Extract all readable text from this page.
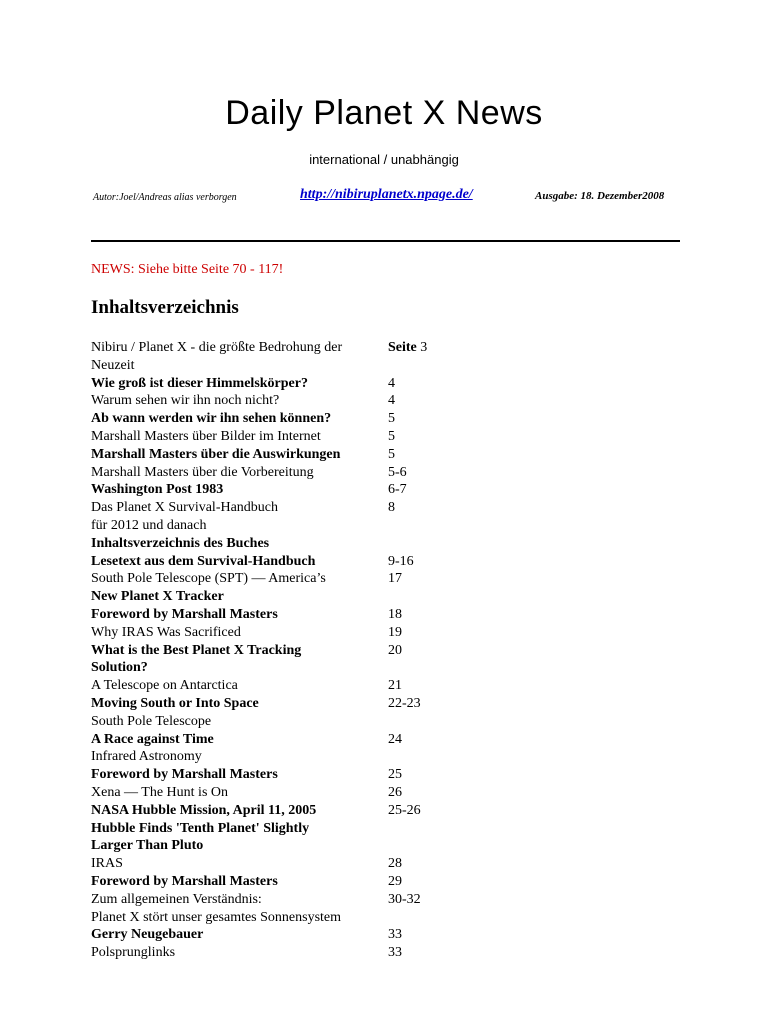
Daily Planet X News
international / unabhängig
Autor:Joel/Andreas alias verborgen	http://nibiruplanetx.npage.de/	Ausgabe: 18. Dezember2008
NEWS: Siehe bitte Seite 70 - 117!
Inhaltsverzeichnis
Nibiru / Planet X - die größte Bedrohung der	Seite 3
Neuzeit
Wie groß ist dieser Himmelskörper?	4
Warum sehen wir ihn noch nicht?	4
Ab wann werden wir ihn sehen können?	5
Marshall Masters über Bilder im Internet	5
Marshall Masters über die Auswirkungen	5
Marshall Masters über die Vorbereitung	5-6
Washington Post 1983	6-7
Das Planet X Survival-Handbuch	8
für 2012 und danach
Inhaltsverzeichnis des Buches
Lesetext aus dem Survival-Handbuch	9-16
South Pole Telescope (SPT) — America’s	17
New Planet X Tracker
Foreword by Marshall Masters	18
Why IRAS Was Sacrificed	19
What is the Best Planet X Tracking	20
Solution?
A Telescope on Antarctica	21
Moving South or Into Space	22-23
South Pole Telescope
A Race against Time	24
Infrared Astronomy
Foreword by Marshall Masters	25
Xena — The Hunt is On	26
NASA Hubble Mission, April 11, 2005	25-26
Hubble Finds 'Tenth Planet' Slightly
Larger Than Pluto
IRAS	28
Foreword by Marshall Masters	29
Zum allgemeinen Verständnis:	30-32
Planet X stört unser gesamtes Sonnensystem
Gerry Neugebauer	33
Polsprunglinks	33
